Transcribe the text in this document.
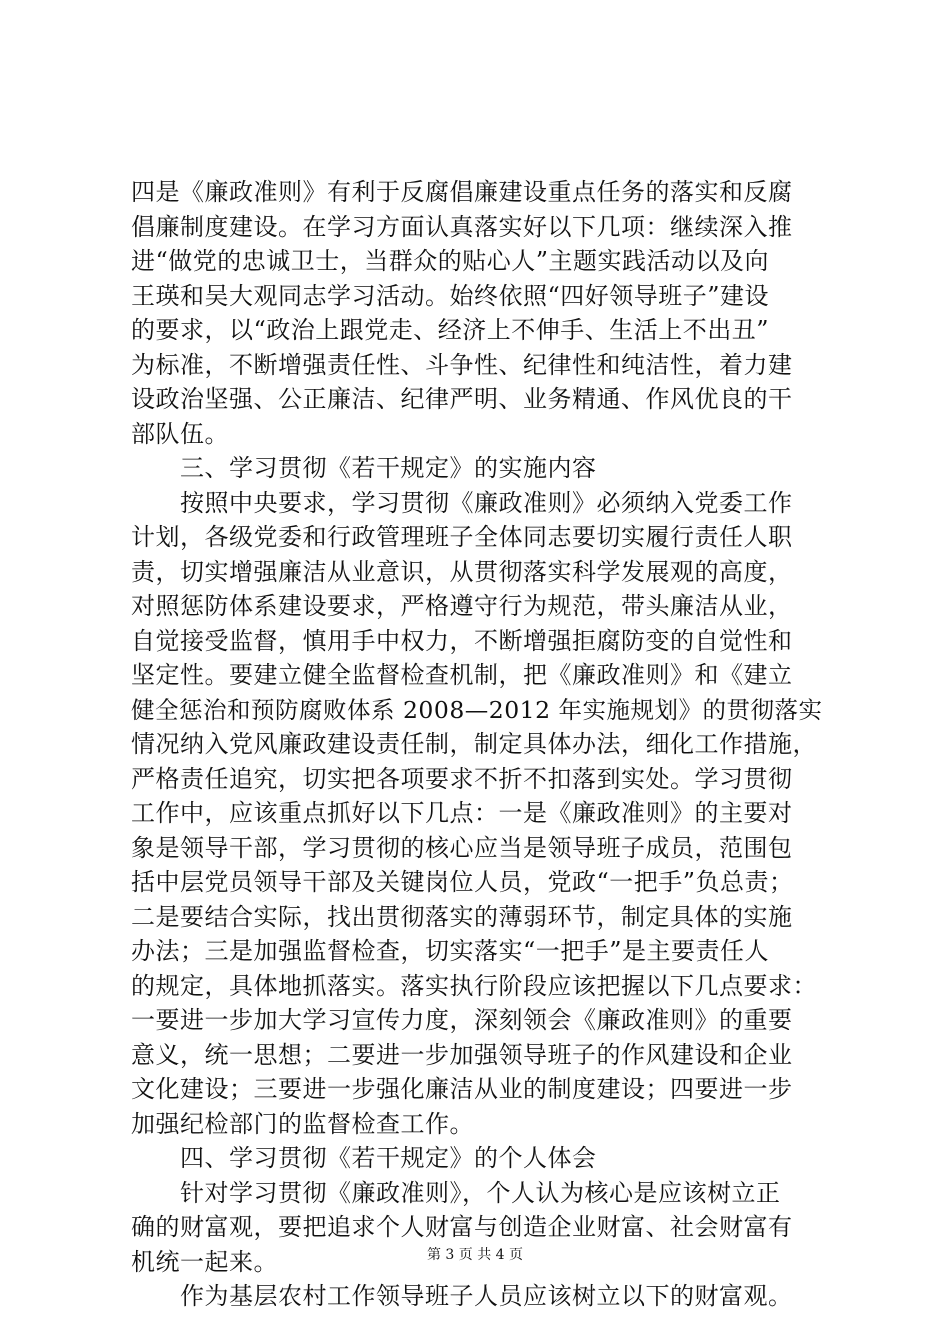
四是《廉政准则》有利于反腐倡廉建设重点任务的落实和反腐
倡廉制度建设。在学习方面认真落实好以下几项：继续深入推
进“做党的忠诚卫士，当群众的贴心人”主题实践活动以及向
王瑛和吴大观同志学习活动。始终依照“四好领导班子”建设
的要求，以“政治上跟党走、经济上不伸手、生活上不出丑”
为标准，不断增强责任性、斗争性、纪律性和纯洁性，着力建
设政治坚强、公正廉洁、纪律严明、业务精通、作风优良的干
部队伍。
　　三、学习贯彻《若干规定》的实施内容
　　按照中央要求，学习贯彻《廉政准则》必须纳入党委工作
计划，各级党委和行政管理班子全体同志要切实履行责任人职
责，切实增强廉洁从业意识，从贯彻落实科学发展观的高度，
对照惩防体系建设要求，严格遵守行为规范，带头廉洁从业，
自觉接受监督，慎用手中权力，不断增强拒腐防变的自觉性和
坚定性。要建立健全监督检查机制，把《廉政准则》和《建立
健全惩治和预防腐败体系 2008—2012 年实施规划》的贯彻落实
情况纳入党风廉政建设责任制，制定具体办法，细化工作措施，
严格责任追究，切实把各项要求不折不扣落到实处。学习贯彻
工作中，应该重点抓好以下几点：一是《廉政准则》的主要对
象是领导干部，学习贯彻的核心应当是领导班子成员，范围包
括中层党员领导干部及关键岗位人员，党政“一把手”负总责；
二是要结合实际，找出贯彻落实的薄弱环节，制定具体的实施
办法；三是加强监督检查，切实落实“一把手”是主要责任人
的规定，具体地抓落实。落实执行阶段应该把握以下几点要求：
一要进一步加大学习宣传力度，深刻领会《廉政准则》的重要
意义，统一思想；二要进一步加强领导班子的作风建设和企业
文化建设；三要进一步强化廉洁从业的制度建设；四要进一步
加强纪检部门的监督检查工作。
　　四、学习贯彻《若干规定》的个人体会
　　针对学习贯彻《廉政准则》，个人认为核心是应该树立正
确的财富观，要把追求个人财富与创造企业财富、社会财富有
机统一起来。
　　作为基层农村工作领导班子人员应该树立以下的财富观。
第 3 页 共 4 页
